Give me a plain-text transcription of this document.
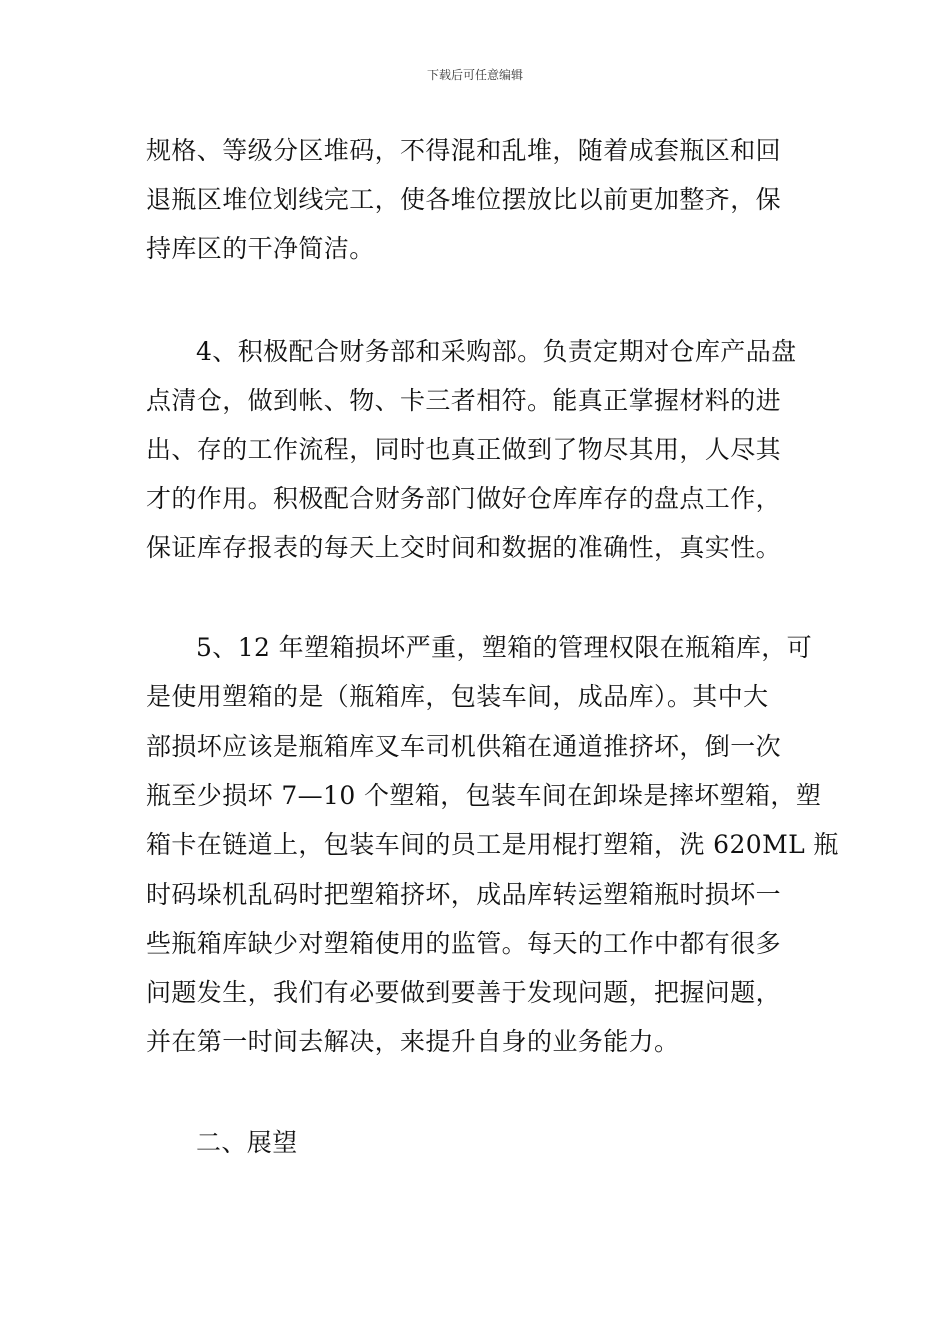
下载后可任意编辑
规格、等级分区堆码，不得混和乱堆，随着成套瓶区和回
退瓶区堆位划线完工，使各堆位摆放比以前更加整齐，保
持库区的干净简洁。
4、积极配合财务部和采购部。负责定期对仓库产品盘
点清仓，做到帐、物、卡三者相符。能真正掌握材料的进
出、存的工作流程，同时也真正做到了物尽其用，人尽其
才的作用。积极配合财务部门做好仓库库存的盘点工作，
保证库存报表的每天上交时间和数据的准确性，真实性。
5、12 年塑箱损坏严重，塑箱的管理权限在瓶箱库，可
是使用塑箱的是（瓶箱库，包装车间，成品库）。其中大
部损坏应该是瓶箱库叉车司机供箱在通道推挤坏，倒一次
瓶至少损坏 7—10 个塑箱，包装车间在卸垛是摔坏塑箱，塑
箱卡在链道上，包装车间的员工是用棍打塑箱，洗 620ML 瓶
时码垛机乱码时把塑箱挤坏，成品库转运塑箱瓶时损坏一
些瓶箱库缺少对塑箱使用的监管。每天的工作中都有很多
问题发生，我们有必要做到要善于发现问题，把握问题，
并在第一时间去解决，来提升自身的业务能力。
二、展望
